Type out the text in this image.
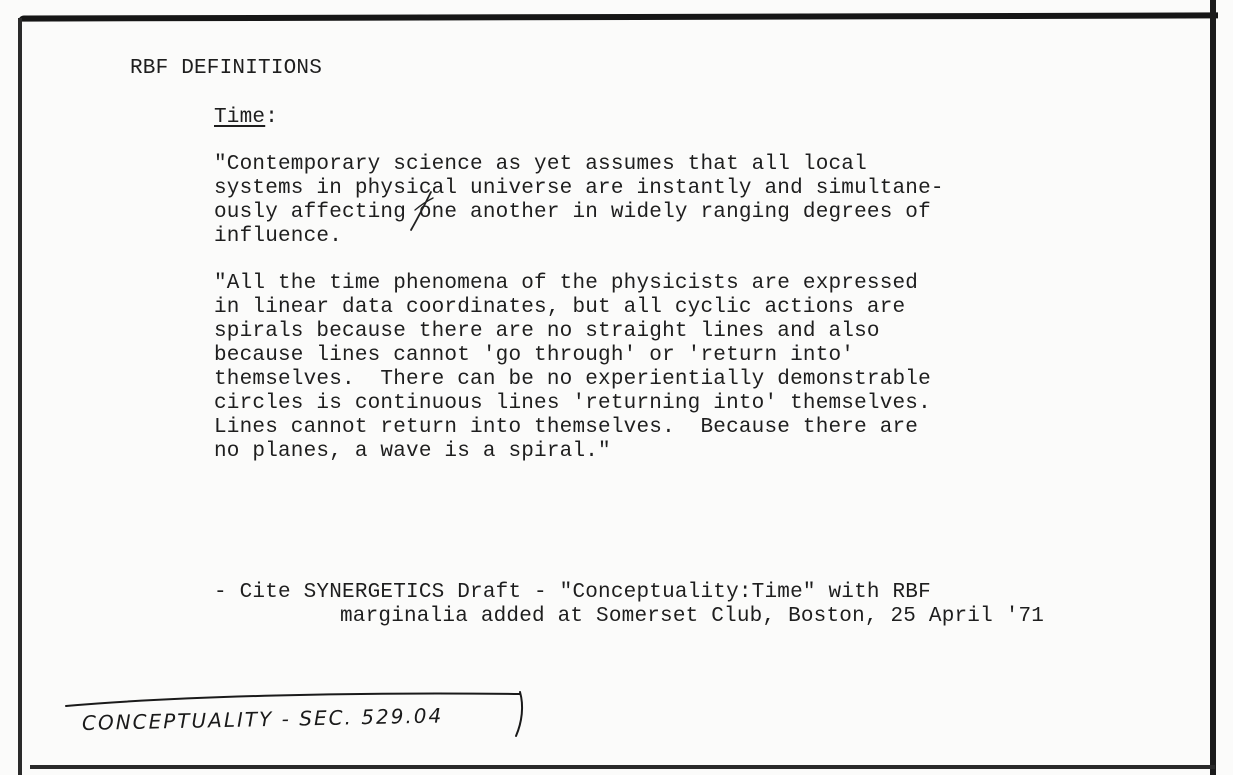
RBF DEFINITIONS
Time:
"Contemporary science as yet assumes that all local
systems in physical universe are instantly and simultane-
ously affecting one another in widely ranging degrees of
influence.
"All the time phenomena of the physicists are expressed
in linear data coordinates, but all cyclic actions are
spirals because there are no straight lines and also
because lines cannot 'go through' or 'return into'
themselves.  There can be no experientially demonstrable
circles is continuous lines 'returning into' themselves.
Lines cannot return into themselves.  Because there are
no planes, a wave is a spiral."
- Cite SYNERGETICS Draft - "Conceptuality:Time" with RBF
marginalia added at Somerset Club, Boston, 25 April '71
CONCEPTUALITY - SEC. 529.04
